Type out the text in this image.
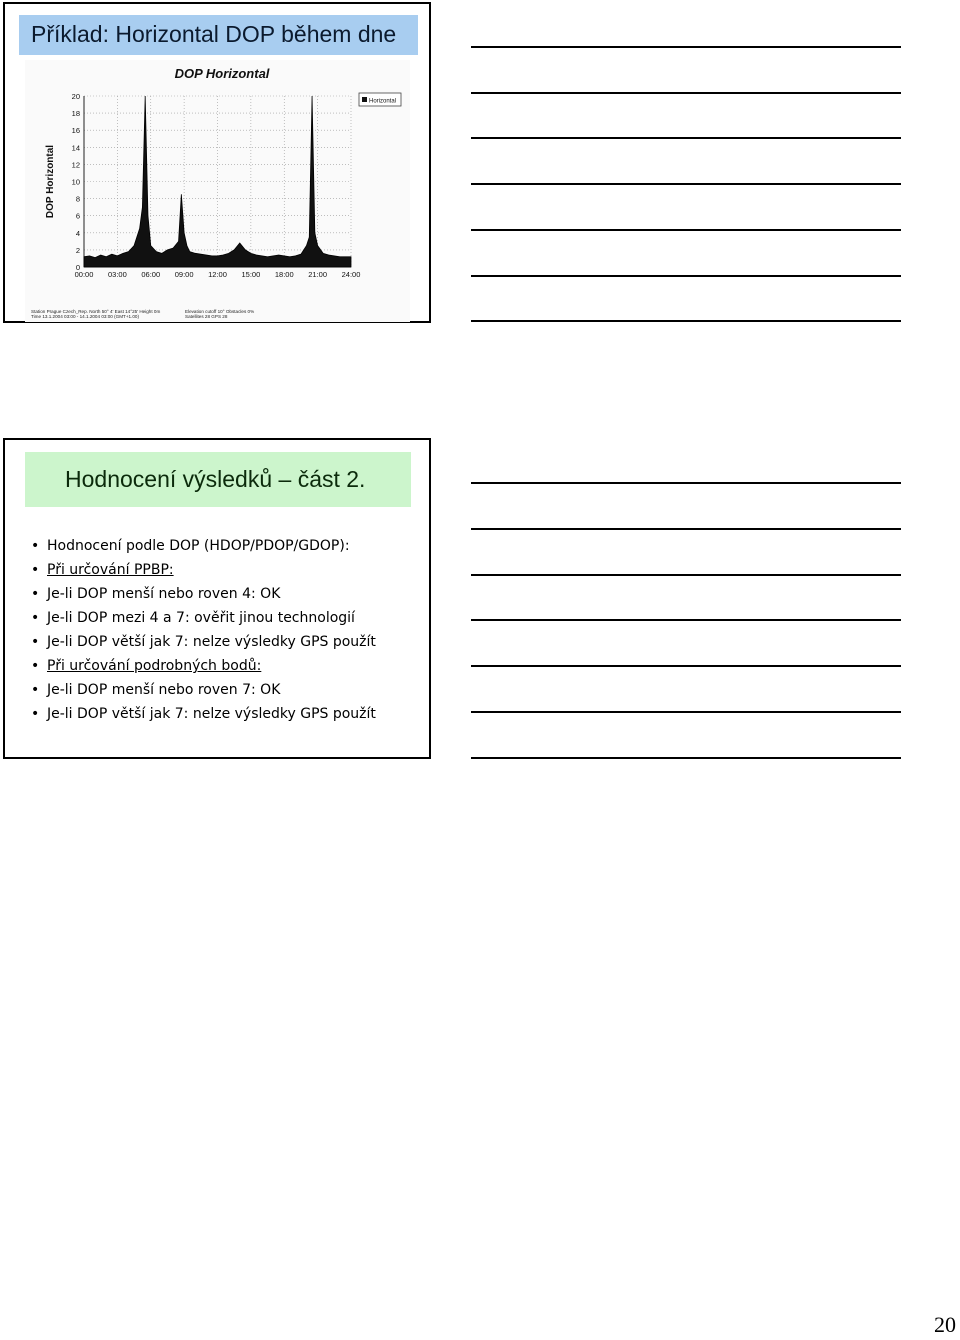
Příklad: Horizontal DOP během dne
DOP Horizontal
0
2
4
6
8
10
12
14
16
18
20
00:00 03:00 06:00 09:00 12:00 15:00 18:00 21:00 24:00
DOP Horizontal
Horizontal
Station Prague Czech_Rep. North 50° 4' East 14°25' Height 0m
Time 13.1.2004 03:00 - 14.1.2004 03:00 (GMT+1.00)
Elevation cutoff 10° Obstacles 0%
Satellites 28 GPS 28
Hodnocení výsledků – část 2.
• Hodnocení podle DOP (HDOP/PDOP/GDOP):
• Při určování PPBP:
• Je-li DOP menší nebo roven 4: OK
• Je-li DOP mezi 4 a 7: ověřit jinou technologií
• Je-li DOP větší jak 7: nelze výsledky GPS použít
• Při určování podrobných bodů:
• Je-li DOP menší nebo roven 7: OK
• Je-li DOP větší jak 7: nelze výsledky GPS použít
20
